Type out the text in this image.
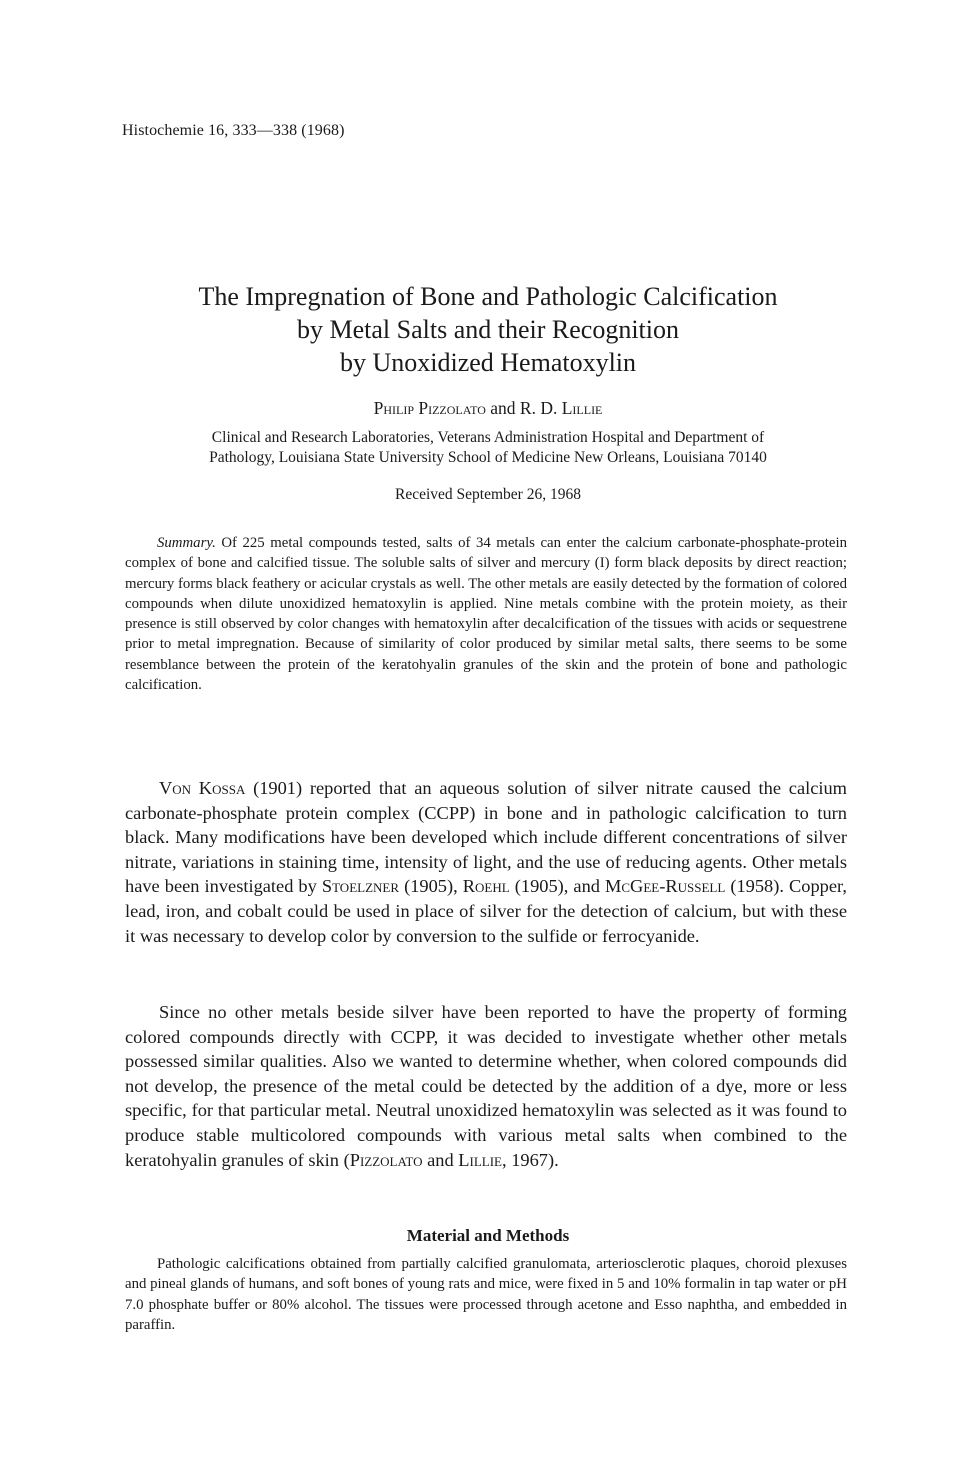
Histochemie 16, 333—338 (1968)
The Impregnation of Bone and Pathologic Calcification
by Metal Salts and their Recognition
by Unoxidized Hematoxylin
Philip Pizzolato and R. D. Lillie
Clinical and Research Laboratories, Veterans Administration Hospital and Department of
Pathology, Louisiana State University School of Medicine New Orleans, Louisiana 70140
Received September 26, 1968

Summary. Of 225 metal compounds tested, salts of 34 metals can enter the calcium carbonate-phosphate-protein complex of bone and calcified tissue. The soluble salts of silver and mercury (I) form black deposits by direct reaction; mercury forms black feathery or acicular crystals as well. The other metals are easily detected by the formation of colored compounds when dilute unoxidized hematoxylin is applied. Nine metals combine with the protein moiety, as their presence is still observed by color changes with hematoxylin after decalcification of the tissues with acids or sequestrene prior to metal impregnation. Because of similarity of color produced by similar metal salts, there seems to be some resemblance between the protein of the keratohyalin granules of the skin and the protein of bone and pathologic calcification.

Von Kossa (1901) reported that an aqueous solution of silver nitrate caused the calcium carbonate-phosphate protein complex (CCPP) in bone and in pathologic calcification to turn black. Many modifications have been developed which include different concentrations of silver nitrate, variations in staining time, intensity of light, and the use of reducing agents. Other metals have been investigated by Stoelzner (1905), Roehl (1905), and McGee-Russell (1958). Copper, lead, iron, and cobalt could be used in place of silver for the detection of calcium, but with these it was necessary to develop color by conversion to the sulfide or ferrocyanide.

Since no other metals beside silver have been reported to have the property of forming colored compounds directly with CCPP, it was decided to investigate whether other metals possessed similar qualities. Also we wanted to determine whether, when colored compounds did not develop, the presence of the metal could be detected by the addition of a dye, more or less specific, for that particular metal. Neutral unoxidized hematoxylin was selected as it was found to produce stable multicolored compounds with various metal salts when combined to the keratohyalin granules of skin (Pizzolato and Lillie, 1967).

Material and Methods

Pathologic calcifications obtained from partially calcified granulomata, arteriosclerotic plaques, choroid plexuses and pineal glands of humans, and soft bones of young rats and mice, were fixed in 5 and 10% formalin in tap water or pH 7.0 phosphate buffer or 80% alcohol. The tissues were processed through acetone and Esso naphtha, and embedded in paraffin.
